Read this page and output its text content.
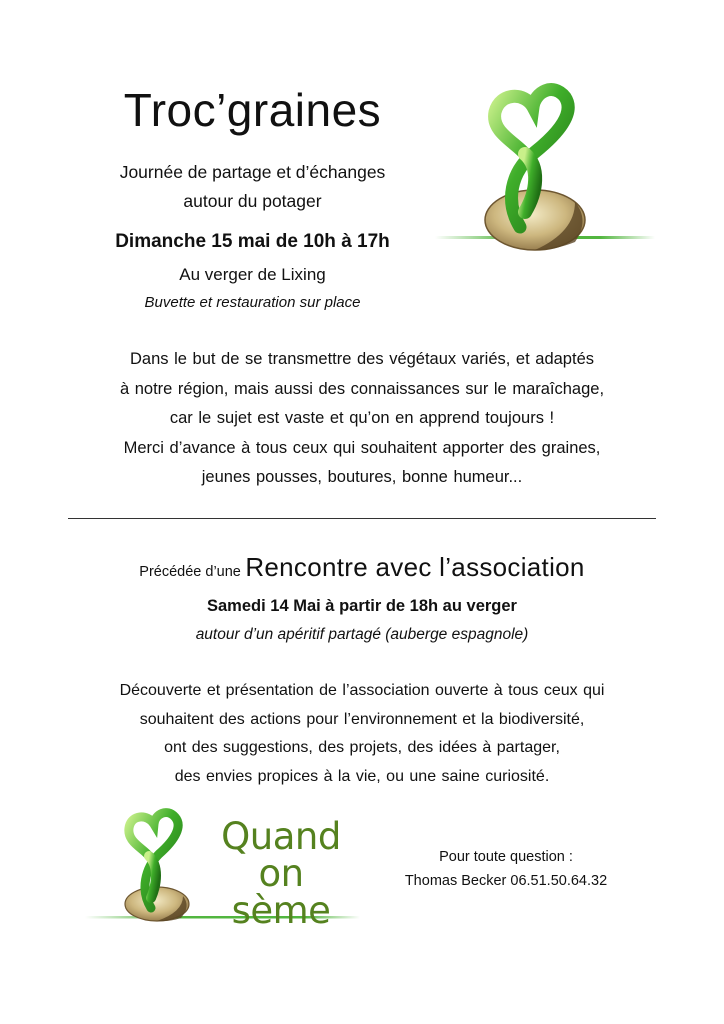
Troc’graines
Journée de partage et d’échanges
autour du potager
Dimanche 15 mai de 10h à 17h
Au verger de Lixing
Buvette et restauration sur place
Dans le but de se transmettre des végétaux variés, et adaptés
à notre région, mais aussi des connaissances sur le maraîchage,
car le sujet est vaste et qu’on en apprend toujours !
Merci d’avance à tous ceux qui souhaitent apporter des graines,
jeunes pousses, boutures, bonne humeur...
Précédée d’une Rencontre avec l’association
Samedi 14 Mai à partir de 18h au verger
autour d’un apéritif partagé (auberge espagnole)
Découverte et présentation de l’association ouverte à tous ceux qui
souhaitent des actions pour l’environnement et la biodiversité,
ont des suggestions, des projets, des idées à partager,
des envies propices à la vie, ou une saine curiosité.
Quand
on
sème
Pour toute question :
Thomas Becker 06.51.50.64.32
